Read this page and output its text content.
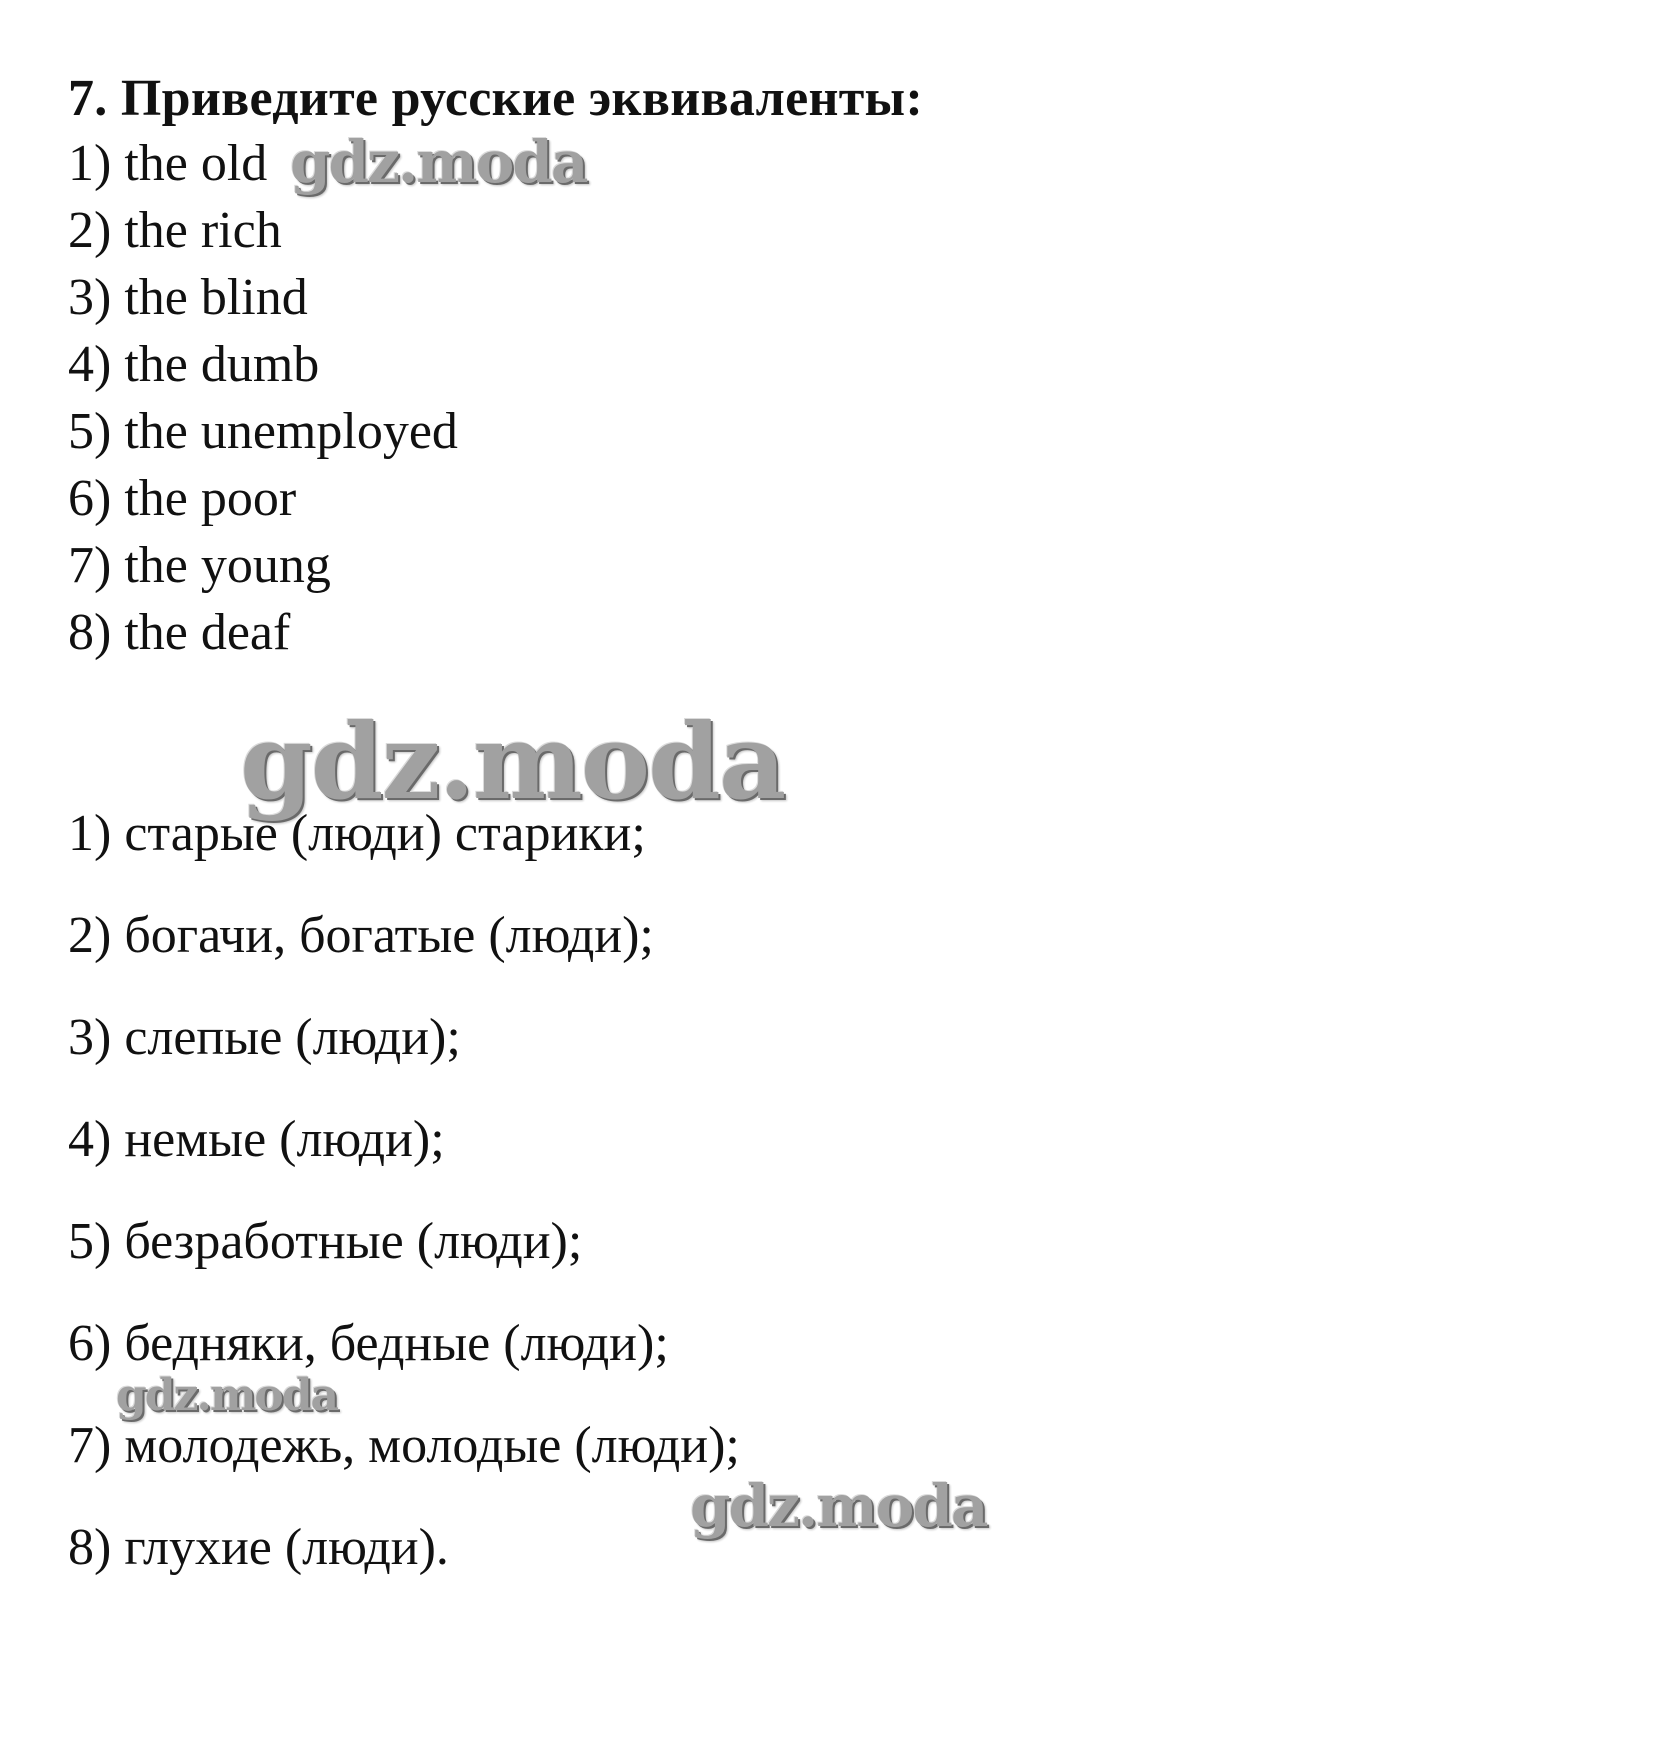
7. Приведите русские эквиваленты:

1) the old
2) the rich
3) the blind
4) the dumb
5) the unemployed
6) the poor
7) the young
8) the deaf
1) старые (люди) старики;
2) богачи, богатые (люди);
3) слепые (люди);
4) немые (люди);
5) безработные (люди);
6) бедняки, бедные (люди);
7) молодежь, молодые (люди);
8) глухие (люди).

gdz.moda

gdz.moda

gdz.moda

gdz.moda
